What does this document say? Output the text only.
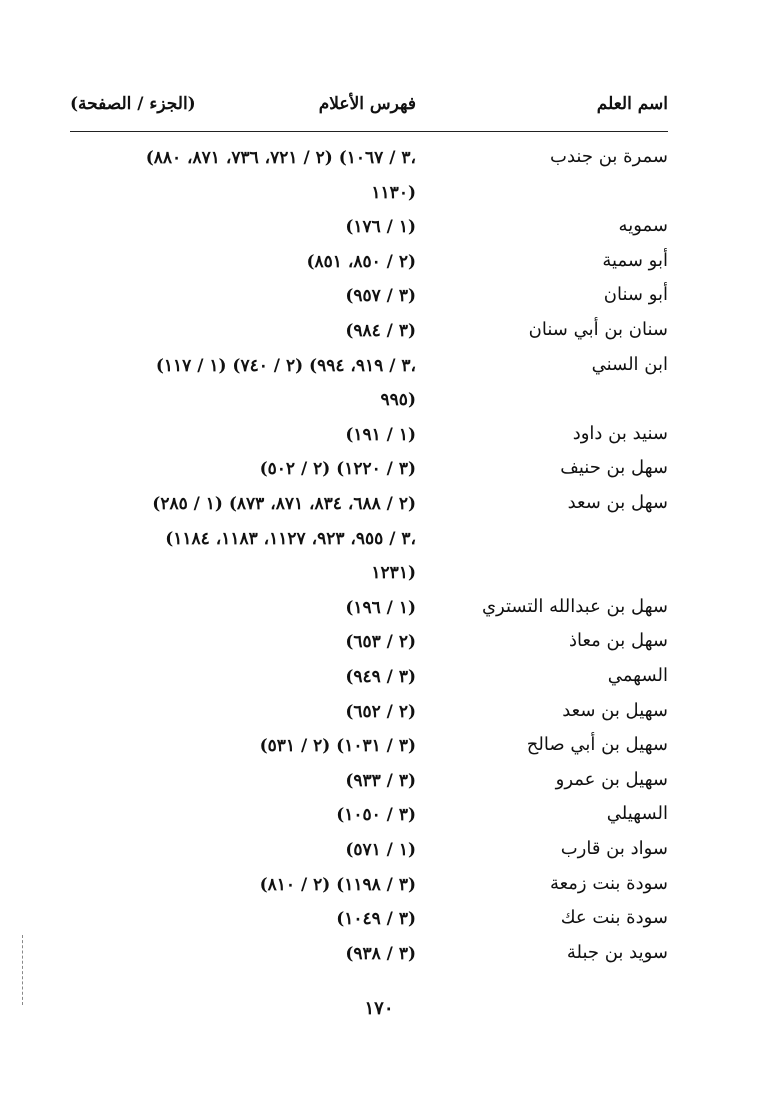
اسم العلم
فهرس الأعلام
(الجزء / الصفحة)
سمرة بن جندب
(٢ / ٧٢١، ٧٣٦، ٨٧١، ٨٨٠) (٣ / ١٠٦٧،
١١٣٠)
سمويه
(١ / ١٧٦)
أبو سمية
(٢ / ٨٥٠، ٨٥١)
أبو سنان
(٣ / ٩٥٧)
سنان بن أبي سنان
(٣ / ٩٨٤)
ابن السني
(١ / ١١٧) (٢ / ٧٤٠) (٣ / ٩١٩، ٩٩٤،
٩٩٥)
سنيد بن داود
(١ / ١٩١)
سهل بن حنيف
(٢ / ٥٠٢) (٣ / ١٢٢٠)
سهل بن سعد
(١ / ٢٨٥) (٢ / ٦٨٨، ٨٣٤، ٨٧١، ٨٧٣)
(٣ / ٩٥٥، ٩٢٣، ١١٢٧، ١١٨٣، ١١٨٤،
١٢٣١)
سهل بن عبدالله التستري
(١ / ١٩٦)
سهل بن معاذ
(٢ / ٦٥٣)
السهمي
(٣ / ٩٤٩)
سهيل بن سعد
(٢ / ٦٥٢)
سهيل بن أبي صالح
(٢ / ٥٣١) (٣ / ١٠٣١)
سهيل بن عمرو
(٣ / ٩٣٣)
السهيلي
(٣ / ١٠٥٠)
سواد بن قارب
(١ / ٥٧١)
سودة بنت زمعة
(٢ / ٨١٠) (٣ / ١١٩٨)
سودة بنت عك
(٣ / ١٠٤٩)
سويد بن جبلة
(٣ / ٩٣٨)
١٧٠
